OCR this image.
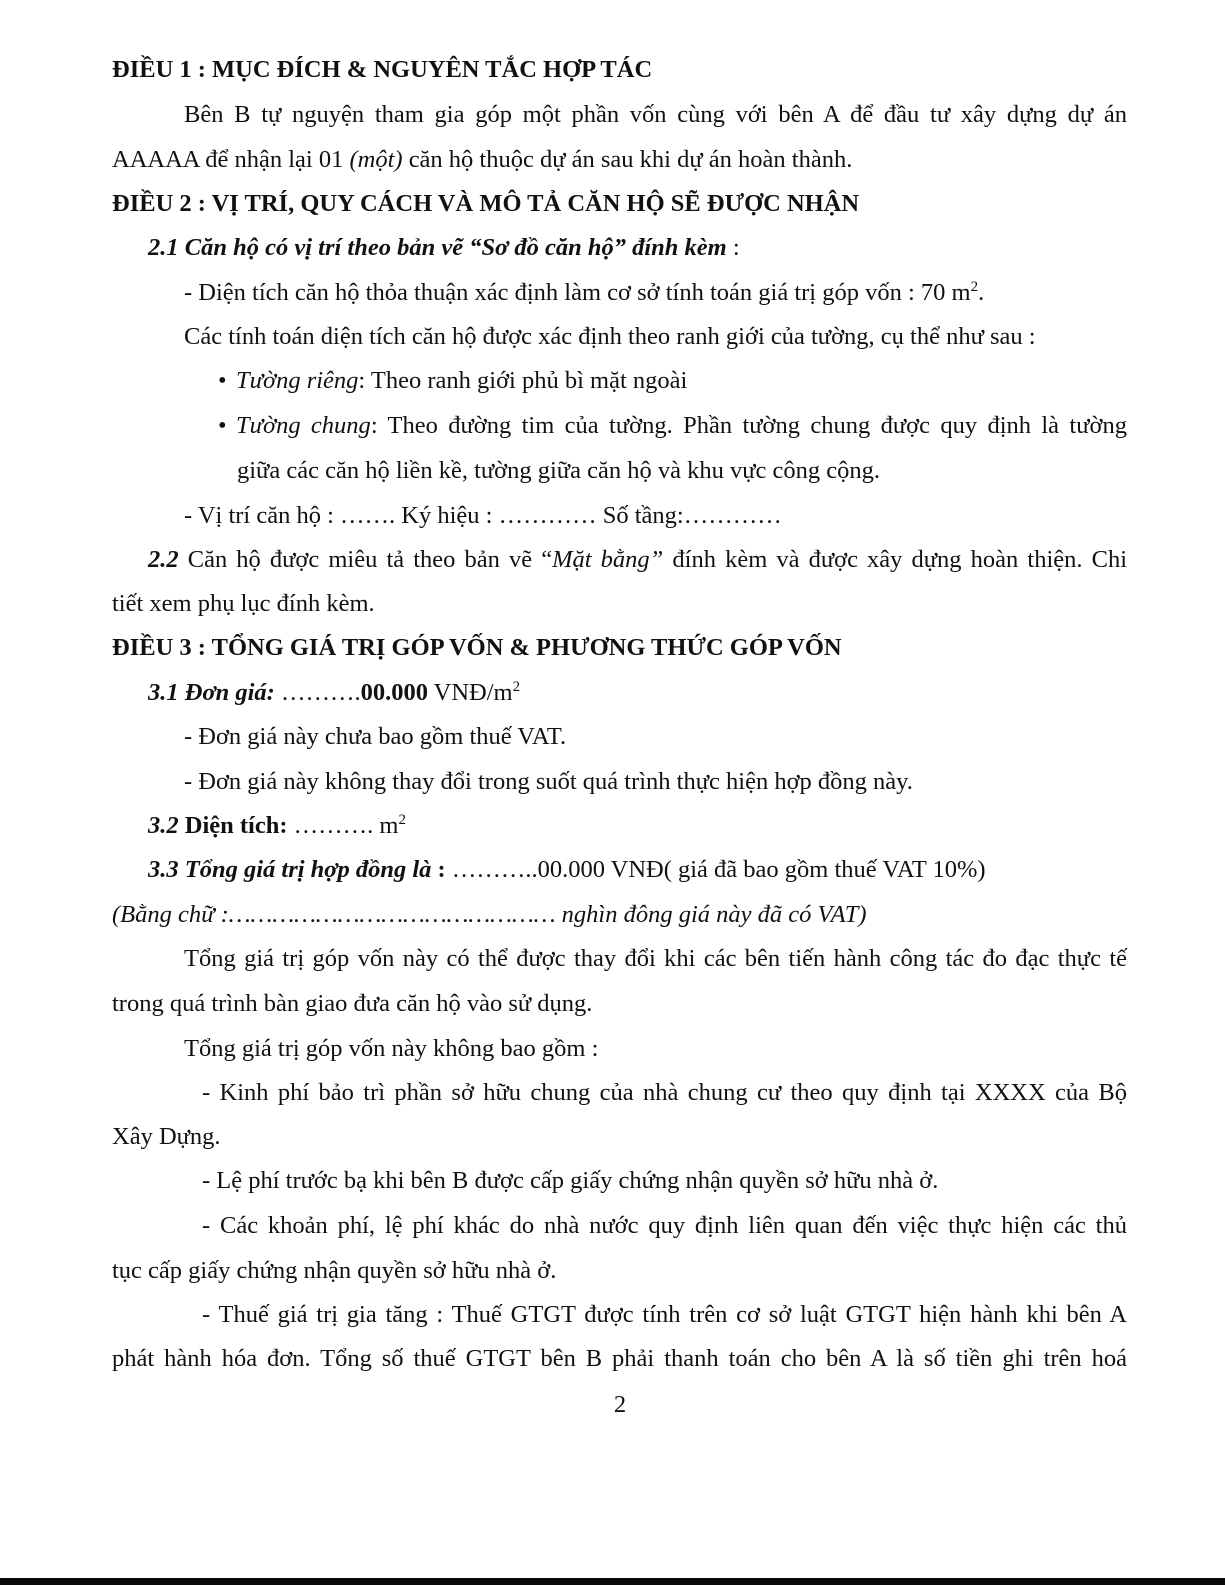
ĐIỀU 1 : MỤC ĐÍCH & NGUYÊN TẮC HỢP TÁC
Bên B tự nguyện tham gia góp một phần vốn cùng với bên A để đầu tư xây dựng dự án
AAAAA để nhận lại 01 (một) căn hộ thuộc dự án sau khi dự án hoàn thành.
ĐIỀU 2 : VỊ TRÍ, QUY CÁCH VÀ MÔ TẢ CĂN HỘ SẼ ĐƯỢC NHẬN
2.1 Căn hộ có vị trí theo bản vẽ “Sơ đồ căn hộ” đính kèm :
- Diện tích căn hộ thỏa thuận xác định làm cơ sở tính toán giá trị góp vốn : 70 $m^2$.
Các tính toán diện tích căn hộ được xác định theo ranh giới của tường, cụ thể như sau :
• Tường riêng: Theo ranh giới phủ bì mặt ngoài
• Tường chung: Theo đường tim của tường. Phần tường chung được quy định là tường
giữa các căn hộ liền kề, tường giữa căn hộ và khu vực công cộng.
- Vị trí căn hộ : ……. Ký hiệu : ………… Số tầng:…………
2.2 Căn hộ được miêu tả theo bản vẽ “Mặt bằng” đính kèm và được xây dựng hoàn thiện. Chi
tiết xem phụ lục đính kèm.
ĐIỀU 3 : TỔNG GIÁ TRỊ GÓP VỐN & PHƯƠNG THỨC GÓP VỐN
3.1 Đơn giá: ……….00.000 VNĐ/$m^2$
- Đơn giá này chưa bao gồm thuế VAT.
- Đơn giá này không thay đổi trong suốt quá trình thực hiện hợp đồng này.
3.2 Diện tích: ………. $m^2$
3.3 Tổng giá trị hợp đồng là : ………..00.000 VNĐ( giá đã bao gồm thuế VAT 10%)
(Bằng chữ :……………………………………… nghìn đông giá này đã có VAT)
Tổng giá trị góp vốn này có thể được thay đổi khi các bên tiến hành công tác đo đạc thực tế
trong quá trình bàn giao đưa căn hộ vào sử dụng.
Tổng giá trị góp vốn này không bao gồm :
- Kinh phí bảo trì phần sở hữu chung của nhà chung cư theo quy định tại XXXX của Bộ
Xây Dựng.
- Lệ phí trước bạ khi bên B được cấp giấy chứng nhận quyền sở hữu nhà ở.
- Các khoản phí, lệ phí khác do nhà nước quy định liên quan đến việc thực hiện các thủ
tục cấp giấy chứng nhận quyền sở hữu nhà ở.
- Thuế giá trị gia tăng : Thuế GTGT được tính trên cơ sở luật GTGT hiện hành khi bên A
phát hành hóa đơn. Tổng số thuế GTGT bên B phải thanh toán cho bên A là số tiền ghi trên hoá
2
